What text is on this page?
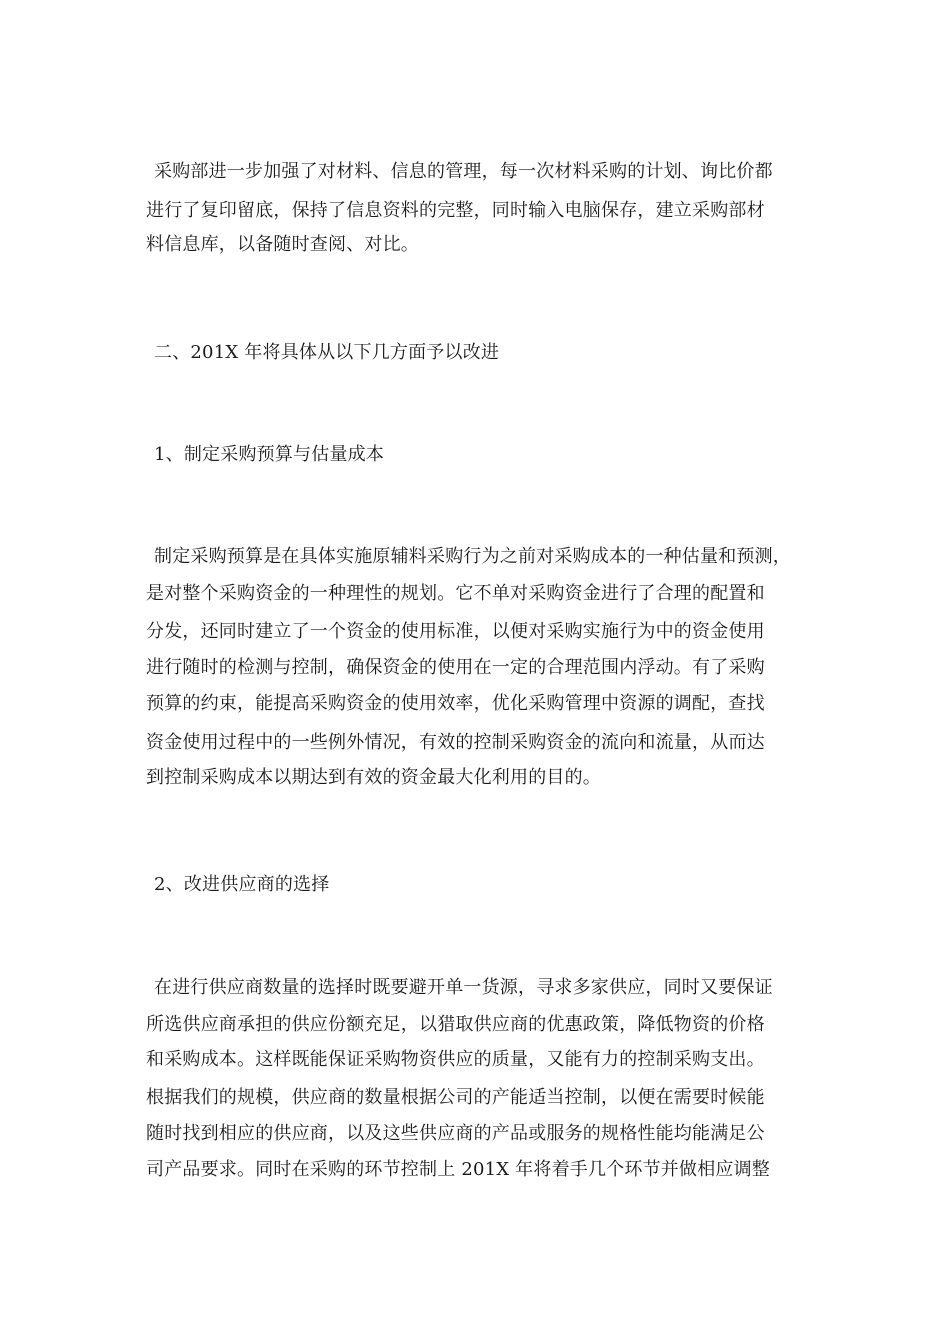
采购部进一步加强了对材料、信息的管理，每一次材料采购的计划、询比价都
进行了复印留底，保持了信息资料的完整，同时输入电脑保存，建立采购部材
料信息库，以备随时查阅、对比。
二、201X 年将具体从以下几方面予以改进
1、制定采购预算与估量成本
制定采购预算是在具体实施原辅料采购行为之前对采购成本的一种估量和预测，
是对整个采购资金的一种理性的规划。它不单对采购资金进行了合理的配置和
分发，还同时建立了一个资金的使用标准，以便对采购实施行为中的资金使用
进行随时的检测与控制，确保资金的使用在一定的合理范围内浮动。有了采购
预算的约束，能提高采购资金的使用效率，优化采购管理中资源的调配，查找
资金使用过程中的一些例外情况，有效的控制采购资金的流向和流量，从而达
到控制采购成本以期达到有效的资金最大化利用的目的。
2、改进供应商的选择
在进行供应商数量的选择时既要避开单一货源，寻求多家供应，同时又要保证
所选供应商承担的供应份额充足，以猎取供应商的优惠政策，降低物资的价格
和采购成本。这样既能保证采购物资供应的质量，又能有力的控制采购支出。
根据我们的规模，供应商的数量根据公司的产能适当控制，以便在需要时候能
随时找到相应的供应商，以及这些供应商的产品或服务的规格性能均能满足公
司产品要求。同时在采购的环节控制上 201X 年将着手几个环节并做相应调整
